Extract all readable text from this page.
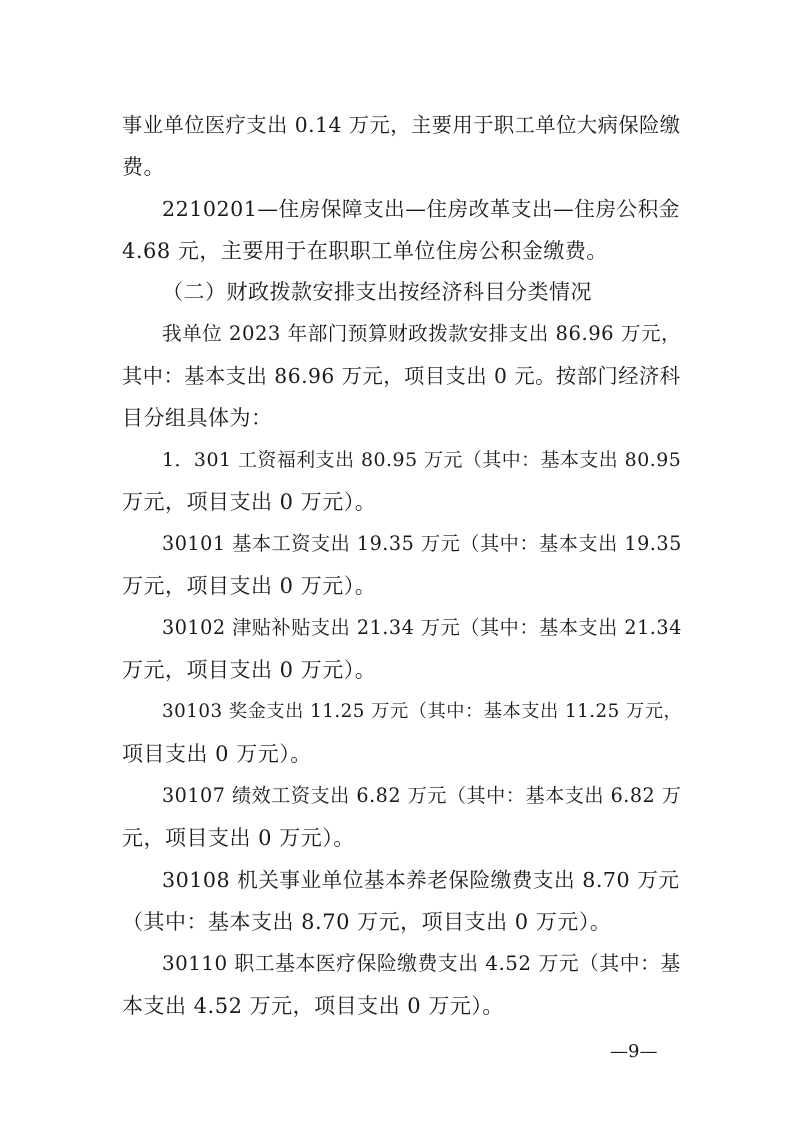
事业单位医疗支出 0.14 万元，主要用于职工单位大病保险缴
费。
2210201—住房保障支出—住房改革支出—住房公积金
4.68 元，主要用于在职职工单位住房公积金缴费。
（二）财政拨款安排支出按经济科目分类情况
我单位 2023 年部门预算财政拨款安排支出 86.96 万元，
其中：基本支出 86.96 万元，项目支出 0 元。按部门经济科
目分组具体为：
1．301 工资福利支出 80.95 万元（其中：基本支出 80.95
万元，项目支出 0 万元）。
30101 基本工资支出 19.35 万元（其中：基本支出 19.35
万元，项目支出 0 万元）。
30102 津贴补贴支出 21.34 万元（其中：基本支出 21.34
万元，项目支出 0 万元）。
30103 奖金支出 11.25 万元（其中：基本支出 11.25 万元，
项目支出 0 万元）。
30107 绩效工资支出 6.82 万元（其中：基本支出 6.82 万
元，项目支出 0 万元）。
30108 机关事业单位基本养老保险缴费支出 8.70 万元
（其中：基本支出 8.70 万元，项目支出 0 万元）。
30110 职工基本医疗保险缴费支出 4.52 万元（其中：基
本支出 4.52 万元，项目支出 0 万元）。
—9—
